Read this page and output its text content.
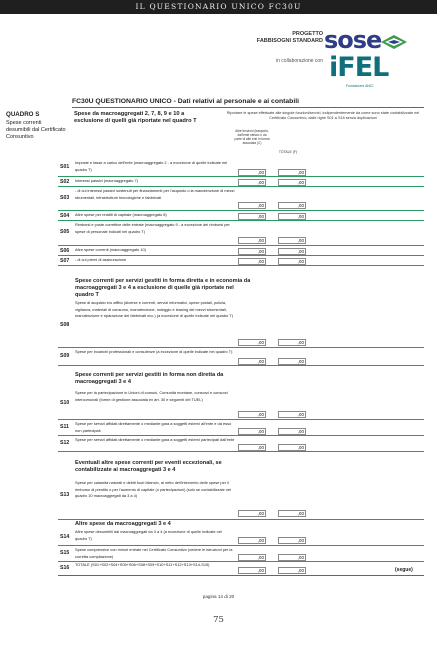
IL QUESTIONARIO UNICO FC30U
PROGETTO
FABBISOGNI STANDARD
in collaborazione con
sose
iFEL
Fondazione ANCI
FC30U QUESTIONARIO UNICO - Dati relativi al personale e ai contabili
QUADRO S
Spese correnti desumibili dal Certificato Consuntivo
Spese da macroaggregati 2, 7, 8, 9 e 10 a esclusione di quelli già riportate nel quadro T
Riportare le spese effettuate alle singole funzioni/servizi, indipendentemente da come sono state contabilizzate nel Certificato Consuntivo, dalle righe S01 a S16 senza duplicazioni
Altre funzioni (trasporto, dall'ente stesso o da parte di altri enti in forma associata (C)
TOTALE (F)
S01
Imposte e tasse a carico dell'ente (macroaggregato 2 - a eccezione di quelle indicate nel quadro T)
,00	,00
S02 Interessi passivi (macroaggregato 7)	,00	,00
S03
- di cui interessi passivi sostenuti per finanziamenti per l'acquisto o la manutenzione di mezzi strumentali, infrastrutture tecnologiche e fabbricati
,00	,00
S04 Altre spese per redditi di capitale (macroaggregato 8)	,00	,00
S05
Rimborsi e poste correttive delle entrate (macroaggregato 9 - a eccezione dei rimborsi per spese di personale indicati nel quadro T)
,00	,00
S06 Altre spese correnti (macroaggregato 10)	,00	,00
S07 - di cui premi di assicurazione	,00	,00
S08
Spese correnti per servizi gestiti in forma diretta e in economia da macroaggregati 3 e 4 a esclusione di quelle già riportate nel quadro T
Spese di acquisto e/o affitto (diverse e correnti, servizi informatici, spese postali, pulizia, vigilanza, materiali di consumo, manutenzione, noleggio e leasing dei mezzi strumentali, manutenzione e riparazione dei fabbricati ecc.) (a eccezione di quelle indicate nel quadro T)
,00	,00
S09
Spese per incarichi professionali e consulenze (a eccezione di quelle indicate nel quadro T)
,00	,00
S10
Spese correnti per servizi gestiti in forma non diretta da macroaggregati 3 e 4
Spese per la partecipazione in Unioni di comuni, Comunità montane, consorzi e consorzi intercomunali (forme di gestione associata ex art. 30 e seguenti del TUEL)
,00	,00
S11
Spese per servizi affidati direttamente o mediante gara a soggetti esterni all'ente e da esso non partecipati	,00	,00
S12
Spese per servizi affidati direttamente o mediante gara a soggetti esterni partecipati dall'ente
,00	,00
S13
Eventuali altre spese correnti per eventi eccezionali, se contabilizzate ai macroaggregati 3 e 4
Spese per calamità naturali e debiti fuori bilancio, al netto dell'intervento delle spese per il rimborso di prestito o per l'aumento di capitale (o partecipazioni) (solo se contabilizzate nei quadro 10 macroaggregati da 3 a 4)
,00	,00
S14
Altre spese da macroaggregati 3 e 4
Altre spese desumibili dai macroaggregati da 3 a 4 (a eccezione di quelle indicate nel quadro T)	,00	,00
S15
Spese comprensive con minori entrate nel Certificato Consuntivo (vedere le istruzioni per la corretta compilazione)	,00	,00
S16
TOTALE (S01+S02+S04+S05+S06+S08+S09+S10+S11+S12+S13+S14-S15)
,00	,00	(segue)
pagina 14 di 20
75
